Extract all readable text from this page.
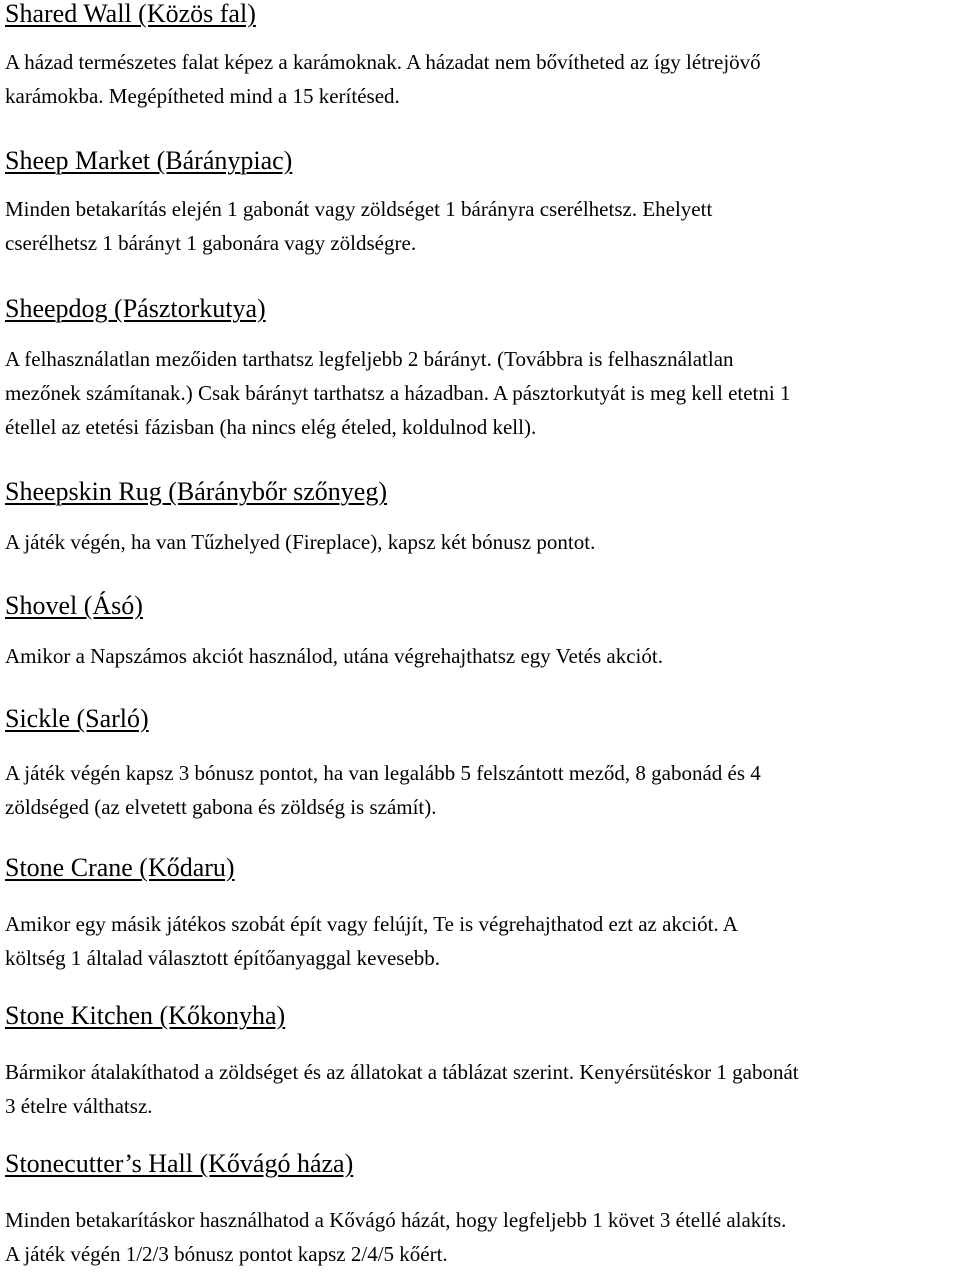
Shared Wall (Közös fal)

A házad természetes falat képez a karámoknak. A házadat nem bővítheted az így létrejövő
karámokba. Megépítheted mind a 15 kerítésed.

Sheep Market (Báránypiac)

Minden betakarítás elején 1 gabonát vagy zöldséget 1 bárányra cserélhetsz. Ehelyett
cserélhetsz 1 bárányt 1 gabonára vagy zöldségre.

Sheepdog (Pásztorkutya)

A felhasználatlan mezőiden tarthatsz legfeljebb 2 bárányt. (Továbbra is felhasználatlan
mezőnek számítanak.) Csak bárányt tarthatsz a házadban. A pásztorkutyát is meg kell etetni 1
étellel az etetési fázisban (ha nincs elég ételed, koldulnod kell).

Sheepskin Rug (Báránybőr szőnyeg)

A játék végén, ha van Tűzhelyed (Fireplace), kapsz két bónusz pontot.

Shovel (Ásó)

Amikor a Napszámos akciót használod, utána végrehajthatsz egy Vetés akciót.

Sickle (Sarló)

A játék végén kapsz 3 bónusz pontot, ha van legalább 5 felszántott meződ, 8 gabonád és 4
zöldséged (az elvetett gabona és zöldség is számít).

Stone Crane (Kődaru)

Amikor egy másik játékos szobát épít vagy felújít, Te is végrehajthatod ezt az akciót. A
költség 1 általad választott építőanyaggal kevesebb.

Stone Kitchen (Kőkonyha)

Bármikor átalakíthatod a zöldséget és az állatokat a táblázat szerint. Kenyérsütéskor 1 gabonát
3 ételre válthatsz.

Stonecutter’s Hall (Kővágó háza)

Minden betakarításkor használhatod a Kővágó házát, hogy legfeljebb 1 követ 3 étellé alakíts.
A játék végén 1/2/3 bónusz pontot kapsz 2/4/5 kőért.
